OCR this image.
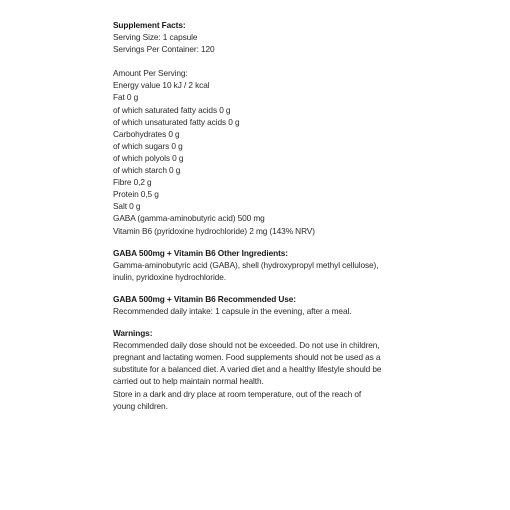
Supplement Facts:
Serving Size: 1 capsule
Servings Per Container: 120
Amount Per Serving:
Energy value 10 kJ / 2 kcal
Fat 0 g
of which saturated fatty acids 0 g
of which unsaturated fatty acids 0 g
Carbohydrates 0 g
of which sugars 0 g
of which polyols 0 g
of which starch 0 g
Fibre 0,2 g
Protein 0,5 g
Salt 0 g
GABA (gamma-aminobutyric acid) 500 mg
Vitamin B6 (pyridoxine hydrochloride) 2 mg (143% NRV)
GABA 500mg + Vitamin B6 Other Ingredients:
Gamma-aminobutyric acid (GABA), shell (hydroxypropyl methyl cellulose),
inulin, pyridoxine hydrochloride.
GABA 500mg + Vitamin B6 Recommended Use:
Recommended daily intake: 1 capsule in the evening, after a meal.
Warnings:
Recommended daily dose should not be exceeded. Do not use in children,
pregnant and lactating women. Food supplements should not be used as a
substitute for a balanced diet. A varied diet and a healthy lifestyle should be
carried out to help maintain normal health.
Store in a dark and dry place at room temperature, out of the reach of
young children.
